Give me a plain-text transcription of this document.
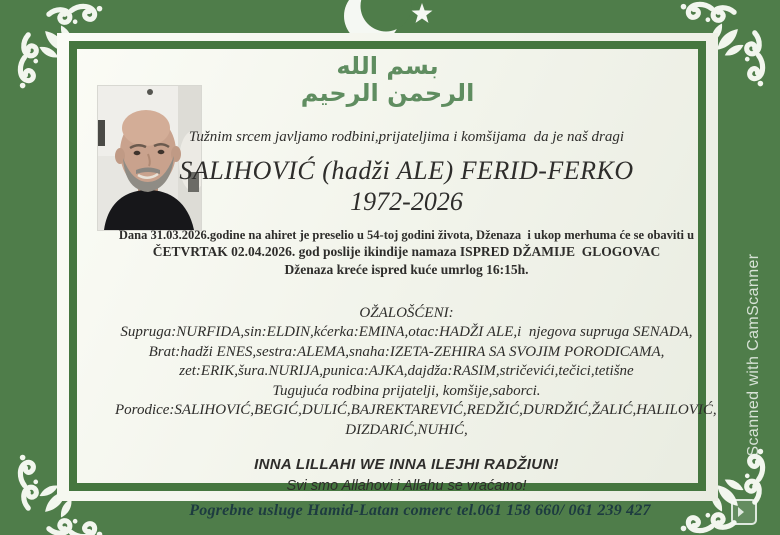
بسم الله الرحمن الرحيم
Tužnim srcem javljamo rodbini,prijateljima i komšijama  da je naš dragi
SALIHOVIĆ (hadži ALE) FERID-FERKO
1972-2026
Dana 31.03.2026.godine na ahiret je preselio u 54-toj godini života, Dženaza  i ukop merhuma će se obaviti u
ČETVRTAK 02.04.2026. god poslije ikindije namaza ISPRED DŽAMIJE  GLOGOVAC
Dženaza kreće ispred kuće umrlog 16:15h.
OŽALOŠĆENI:
Supruga:NURFIDA,sin:ELDIN,kćerka:EMINA,otac:HADŽI ALE,i  njegova supruga SENADA,
Brat:hadži ENES,sestra:ALEMA,snaha:IZETA-ZEHIRA SA SVOJIM PORODICAMA,
zet:ERIK,šura.NURIJA,punica:AJKA,dajdža:RASIM,stričevići,tečici,tetišne
Tugujuća rodbina prijatelji, komšije,saborci.
Porodice:SALIHOVIĆ,BEGIĆ,DULIĆ,BAJREKTAREVIĆ,REDŽIĆ,DURDŽIĆ,ŽALIĆ,HALILOVIĆ,
DIZDARIĆ,NUHIĆ,
INNA LILLAHI WE INNA ILEJHI RADŽIUN!
Svi smo Allahovi i Allahu se vraćamo!
Pogrebne usluge Hamid-Latan comerc tel.061 158 660/ 061 239 427
Scanned with CamScanner
